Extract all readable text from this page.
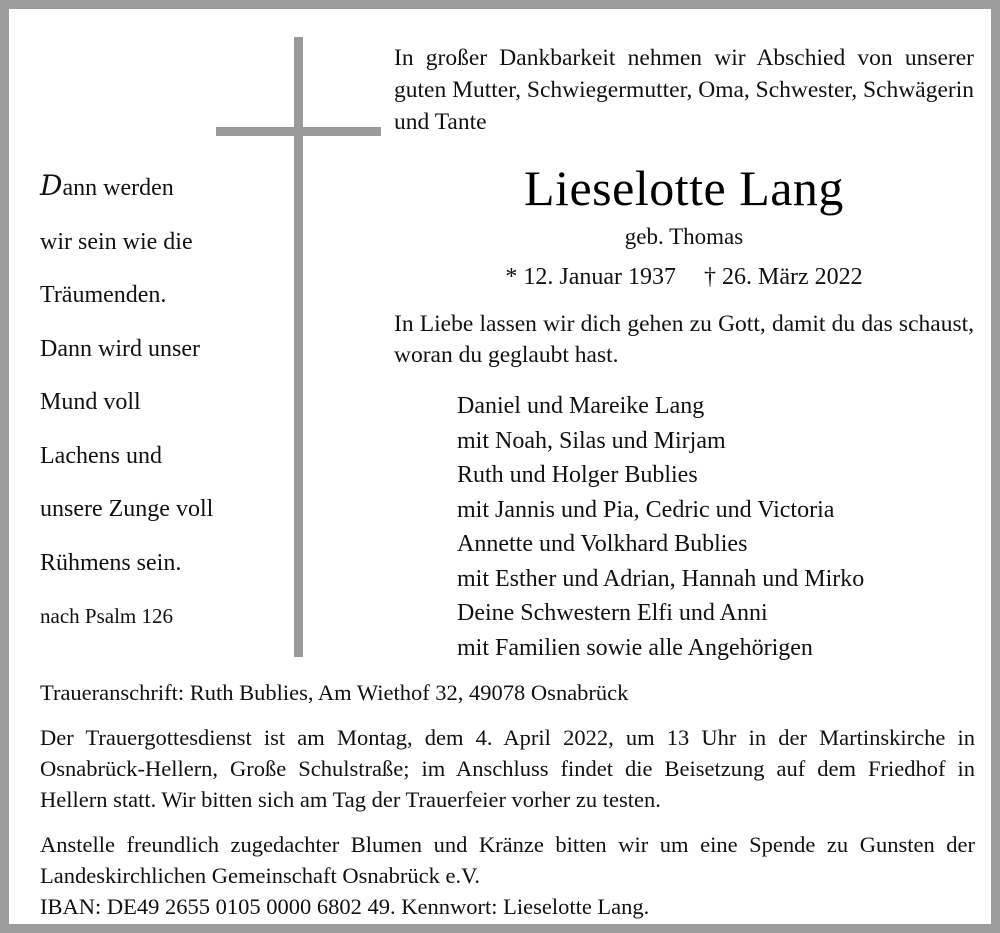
Dann werden
wir sein wie die
Träumenden.
Dann wird unser
Mund voll
Lachens und
unsere Zunge voll
Rühmens sein.
nach Psalm 126
In großer Dankbarkeit nehmen wir Abschied von unserer guten Mutter, Schwiegermutter, Oma, Schwester, Schwägerin und Tante
Lieselotte Lang
geb. Thomas
* 12. Januar 1937 † 26. März 2022
In Liebe lassen wir dich gehen zu Gott, damit du das schaust, woran du geglaubt hast.
Daniel und Mareike Lang
mit Noah, Silas und Mirjam
Ruth und Holger Bublies
mit Jannis und Pia, Cedric und Victoria
Annette und Volkhard Bublies
mit Esther und Adrian, Hannah und Mirko
Deine Schwestern Elfi und Anni
mit Familien sowie alle Angehörigen
Traueranschrift: Ruth Bublies, Am Wiethof 32, 49078 Osnabrück
Der Trauergottesdienst ist am Montag, dem 4. April 2022, um 13 Uhr in der Martinskirche in Osnabrück-Hellern, Große Schulstraße; im Anschluss findet die Beisetzung auf dem Friedhof in Hellern statt. Wir bitten sich am Tag der Trauerfeier vorher zu testen.
Anstelle freundlich zugedachter Blumen und Kränze bitten wir um eine Spende zu Gunsten der Landeskirchlichen Gemeinschaft Osnabrück e.V.
IBAN: DE49 2655 0105 0000 6802 49. Kennwort: Lieselotte Lang.
